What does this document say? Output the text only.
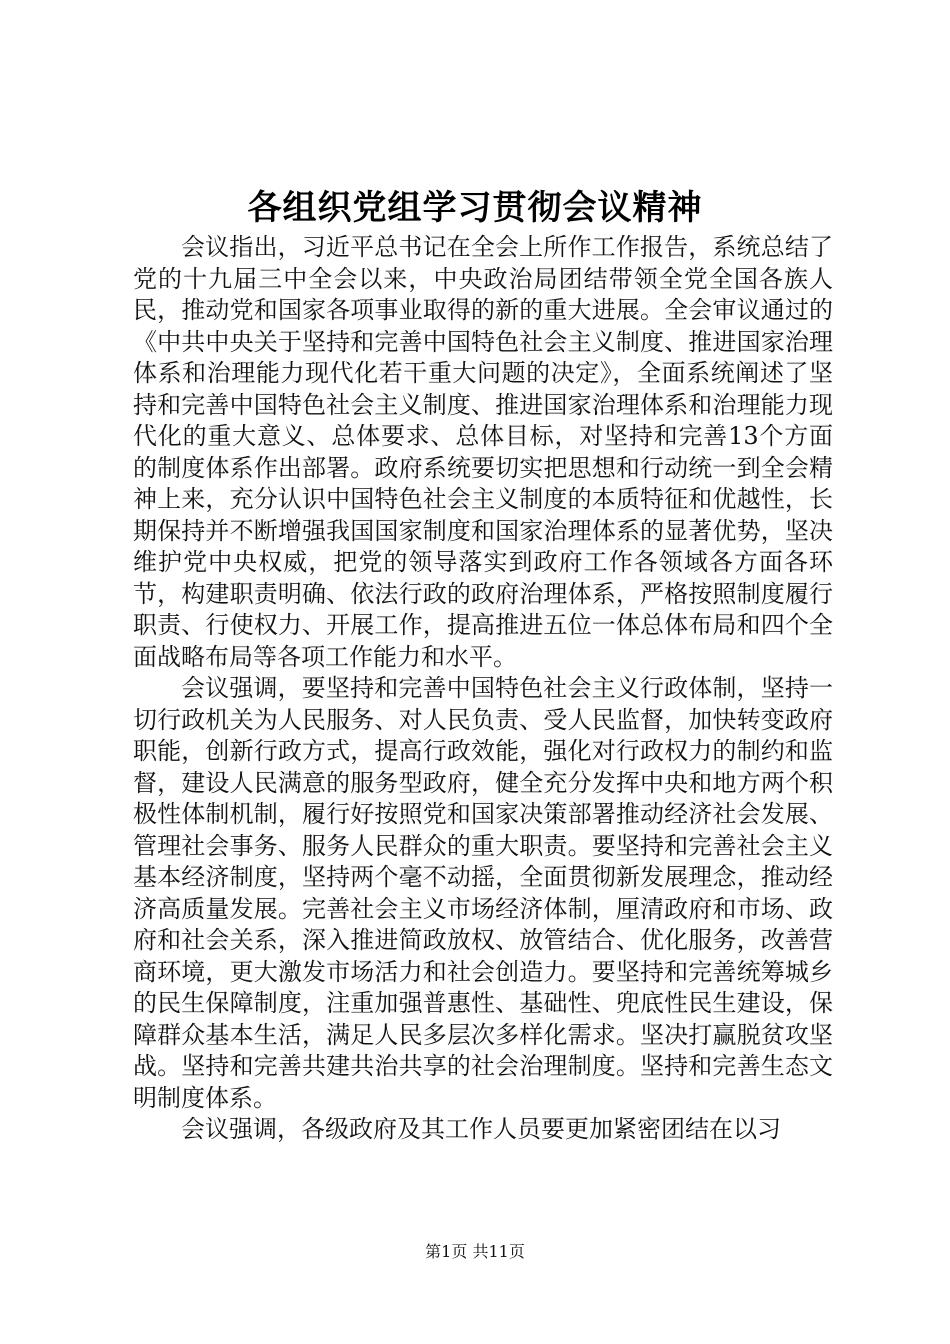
各组织党组学习贯彻会议精神

会议指出，习近平总书记在全会上所作工作报告，系统总结了党的十九届三中全会以来，中央政治局团结带领全党全国各族人民，推动党和国家各项事业取得的新的重大进展。全会审议通过的《中共中央关于坚持和完善中国特色社会主义制度、推进国家治理体系和治理能力现代化若干重大问题的决定》，全面系统阐述了坚持和完善中国特色社会主义制度、推进国家治理体系和治理能力现代化的重大意义、总体要求、总体目标，对坚持和完善13个方面的制度体系作出部署。政府系统要切实把思想和行动统一到全会精神上来，充分认识中国特色社会主义制度的本质特征和优越性，长期保持并不断增强我国国家制度和国家治理体系的显著优势，坚决维护党中央权威，把党的领导落实到政府工作各领域各方面各环节，构建职责明确、依法行政的政府治理体系，严格按照制度履行职责、行使权力、开展工作，提高推进五位一体总体布局和四个全面战略布局等各项工作能力和水平。

会议强调，要坚持和完善中国特色社会主义行政体制，坚持一切行政机关为人民服务、对人民负责、受人民监督，加快转变政府职能，创新行政方式，提高行政效能，强化对行政权力的制约和监督，建设人民满意的服务型政府，健全充分发挥中央和地方两个积极性体制机制，履行好按照党和国家决策部署推动经济社会发展、管理社会事务、服务人民群众的重大职责。要坚持和完善社会主义基本经济制度，坚持两个毫不动摇，全面贯彻新发展理念，推动经济高质量发展。完善社会主义市场经济体制，厘清政府和市场、政府和社会关系，深入推进简政放权、放管结合、优化服务，改善营商环境，更大激发市场活力和社会创造力。要坚持和完善统筹城乡的民生保障制度，注重加强普惠性、基础性、兜底性民生建设，保障群众基本生活，满足人民多层次多样化需求。坚决打赢脱贫攻坚战。坚持和完善共建共治共享的社会治理制度。坚持和完善生态文明制度体系。

会议强调，各级政府及其工作人员要更加紧密团结在以习

第1页 共11页
